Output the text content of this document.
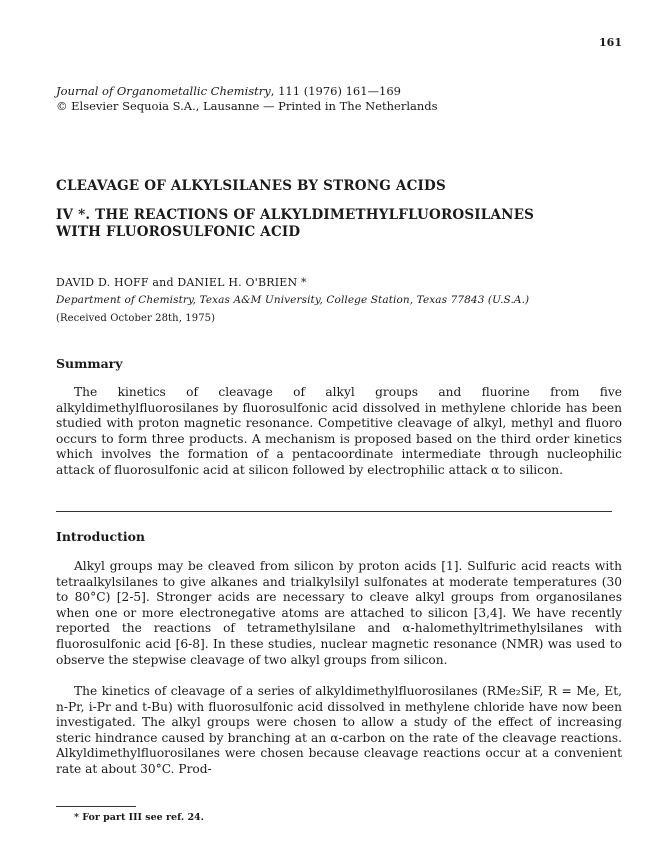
161
Journal of Organometallic Chemistry, 111 (1976) 161—169
© Elsevier Sequoia S.A., Lausanne — Printed in The Netherlands
CLEAVAGE OF ALKYLSILANES BY STRONG ACIDS
IV *. THE REACTIONS OF ALKYLDIMETHYLFLUOROSILANES
WITH FLUOROSULFONIC ACID
DAVID D. HOFF and DANIEL H. O'BRIEN *
Department of Chemistry, Texas A&M University, College Station, Texas 77843 (U.S.A.)
(Received October 28th, 1975)
Summary

The kinetics of cleavage of alkyl groups and fluorine from five alkyldimethylfluorosilanes by fluorosulfonic acid dissolved in methylene chloride has been studied with proton magnetic resonance. Competitive cleavage of alkyl, methyl and fluoro occurs to form three products. A mechanism is proposed based on the third order kinetics which involves the formation of a pentacoordinate intermediate through nucleophilic attack of fluorosulfonic acid at silicon followed by electrophilic attack α to silicon.

Introduction

Alkyl groups may be cleaved from silicon by proton acids [1]. Sulfuric acid reacts with tetraalkylsilanes to give alkanes and trialkylsilyl sulfonates at moderate temperatures (30 to 80°C) [2-5]. Stronger acids are necessary to cleave alkyl groups from organosilanes when one or more electronegative atoms are attached to silicon [3,4]. We have recently reported the reactions of tetramethylsilane and α-halomethyltrimethylsilanes with fluorosulfonic acid [6-8]. In these studies, nuclear magnetic resonance (NMR) was used to observe the stepwise cleavage of two alkyl groups from silicon.

The kinetics of cleavage of a series of alkyldimethylfluorosilanes (RMe₂SiF, R = Me, Et, n-Pr, i-Pr and t-Bu) with fluorosulfonic acid dissolved in methylene chloride have now been investigated. The alkyl groups were chosen to allow a study of the effect of increasing steric hindrance caused by branching at an α-carbon on the rate of the cleavage reactions. Alkyldimethylfluorosilanes were chosen because cleavage reactions occur at a convenient rate at about 30°C. Prod-

* For part III see ref. 24.
